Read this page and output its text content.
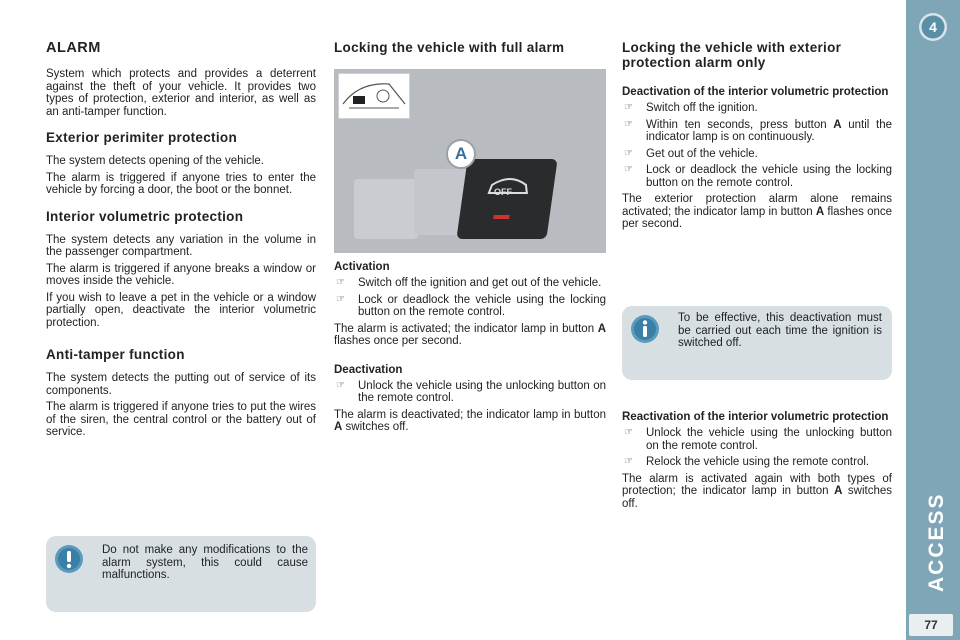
ALARM

System which protects and provides a deterrent against the theft of your vehicle. It provides two types of protection, exterior and interior, as well as an anti-tamper function.

Exterior perimiter protection

The system detects opening of the vehicle.

The alarm is triggered if anyone tries to enter the vehicle by forcing a door, the boot or the bonnet.

Interior volumetric protection

The system detects any variation in the volume in the passenger compartment.

The alarm is triggered if anyone breaks a window or moves inside the vehicle.

If you wish to leave a pet in the vehicle or a window partially open, deactivate the interior volumetric protection.

Anti-tamper function

The system detects the putting out of service of its components.

The alarm is triggered if anyone tries to put the wires of the siren, the central control or the battery out of service.

Do not make any modifications to the alarm system, this could cause malfunctions.
Locking the vehicle with full alarm
OFF
A
Activation
☞ Switch off the ignition and get out of the vehicle.
☞ Lock or deadlock the vehicle using the locking button on the remote control.

The alarm is activated; the indicator lamp in button A flashes once per second.

Deactivation
☞ Unlock the vehicle using the unlocking button on the remote control.

The alarm is deactivated; the indicator lamp in button A switches off.

Locking the vehicle with exterior protection alarm only
Deactivation of the interior volumetric protection
☞ Switch off the ignition.
☞ Within ten seconds, press button A until the indicator lamp is on continuously.
☞ Get out of the vehicle.
☞ Lock or deadlock the vehicle using the locking button on the remote control.

The exterior protection alarm alone remains activated; the indicator lamp in button A flashes once per second.

To be effective, this deactivation must be carried out each time the ignition is switched off.
Reactivation of the interior volumetric protection
☞ Unlock the vehicle using the unlocking button on the remote control.
☞ Relock the vehicle using the remote control.

The alarm is activated again with both types of protection; the indicator lamp in button A switches off.

4
ACCESS
77
